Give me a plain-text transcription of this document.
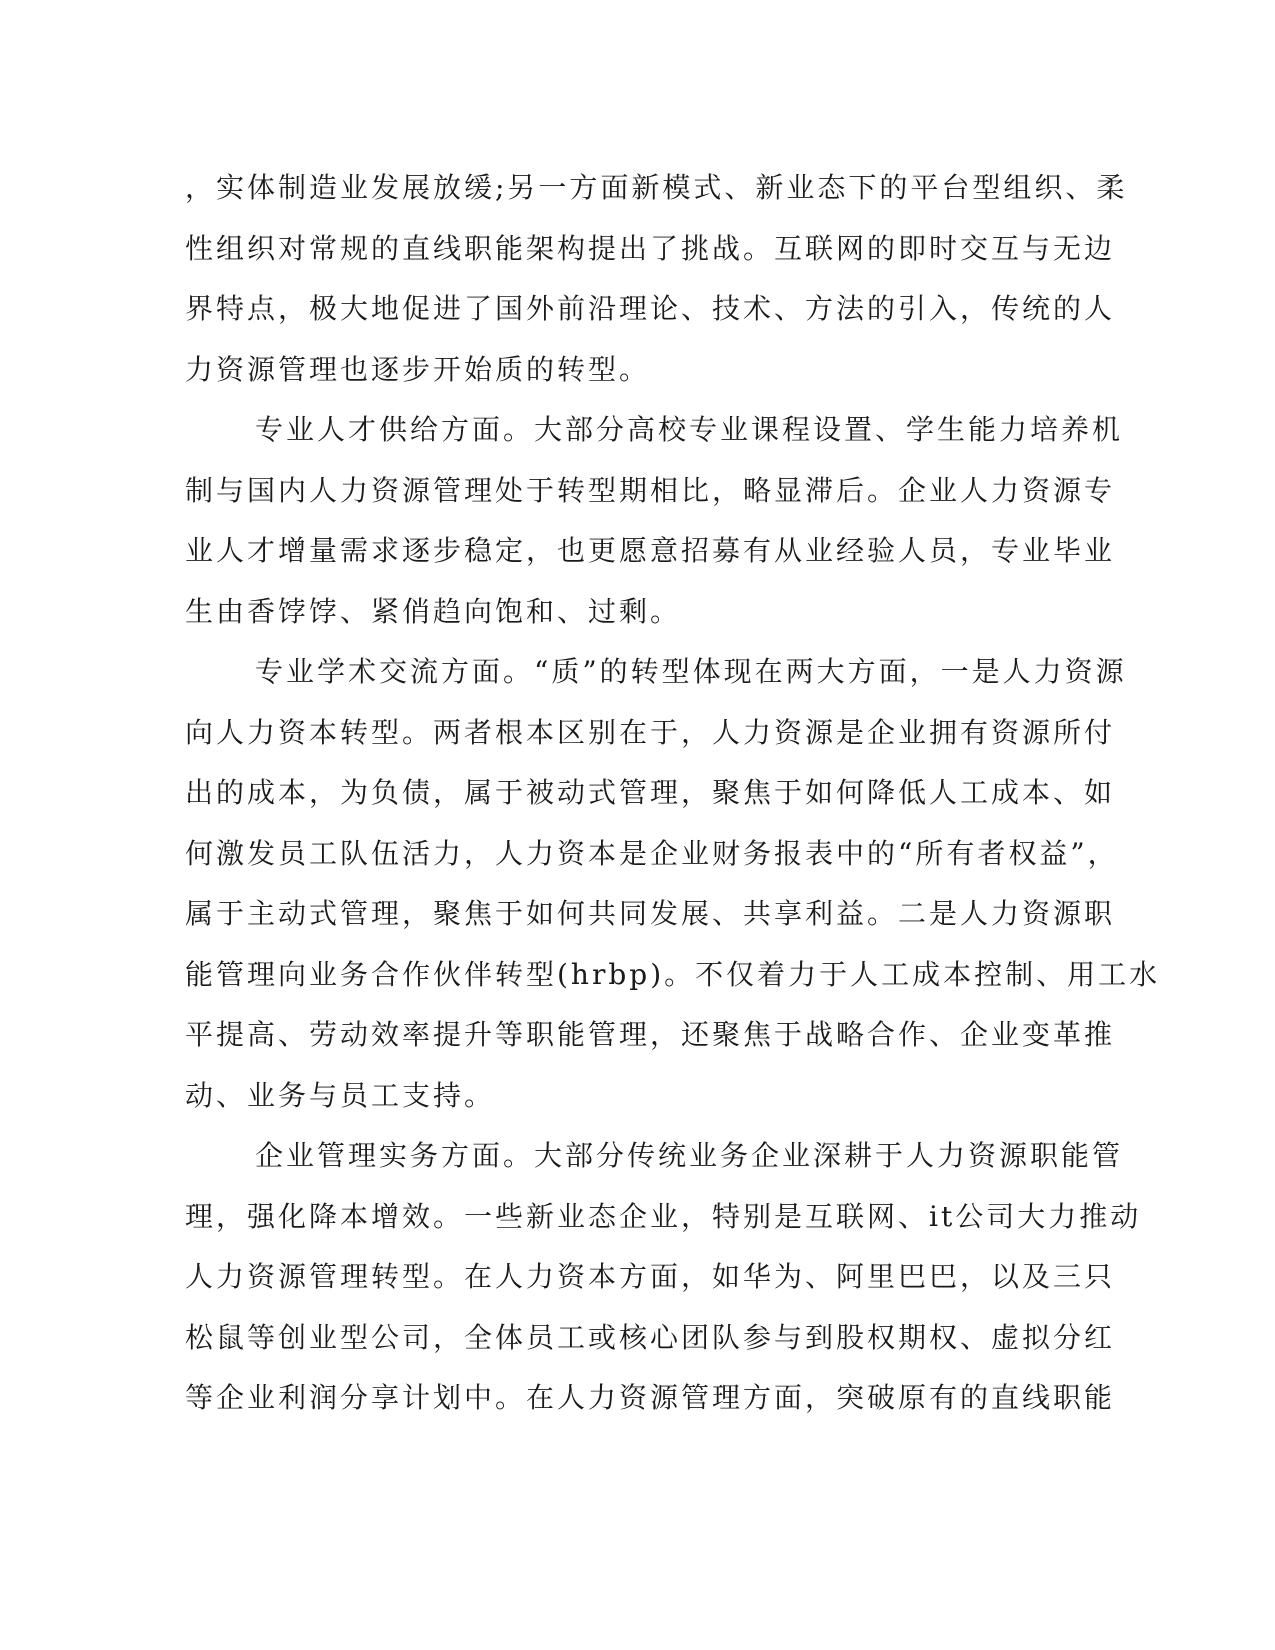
，实体制造业发展放缓;另一方面新模式、新业态下的平台型组织、柔
性组织对常规的直线职能架构提出了挑战。互联网的即时交互与无边
界特点，极大地促进了国外前沿理论、技术、方法的引入，传统的人
力资源管理也逐步开始质的转型。
专业人才供给方面。大部分高校专业课程设置、学生能力培养机
制与国内人力资源管理处于转型期相比，略显滞后。企业人力资源专
业人才增量需求逐步稳定，也更愿意招募有从业经验人员，专业毕业
生由香饽饽、紧俏趋向饱和、过剩。
专业学术交流方面。“质”的转型体现在两大方面，一是人力资源
向人力资本转型。两者根本区别在于，人力资源是企业拥有资源所付
出的成本，为负债，属于被动式管理，聚焦于如何降低人工成本、如
何激发员工队伍活力，人力资本是企业财务报表中的“所有者权益”，
属于主动式管理，聚焦于如何共同发展、共享利益。二是人力资源职
能管理向业务合作伙伴转型(hrbp)。不仅着力于人工成本控制、用工水
平提高、劳动效率提升等职能管理，还聚焦于战略合作、企业变革推
动、业务与员工支持。
企业管理实务方面。大部分传统业务企业深耕于人力资源职能管
理，强化降本增效。一些新业态企业，特别是互联网、it公司大力推动
人力资源管理转型。在人力资本方面，如华为、阿里巴巴，以及三只
松鼠等创业型公司，全体员工或核心团队参与到股权期权、虚拟分红
等企业利润分享计划中。在人力资源管理方面，突破原有的直线职能
